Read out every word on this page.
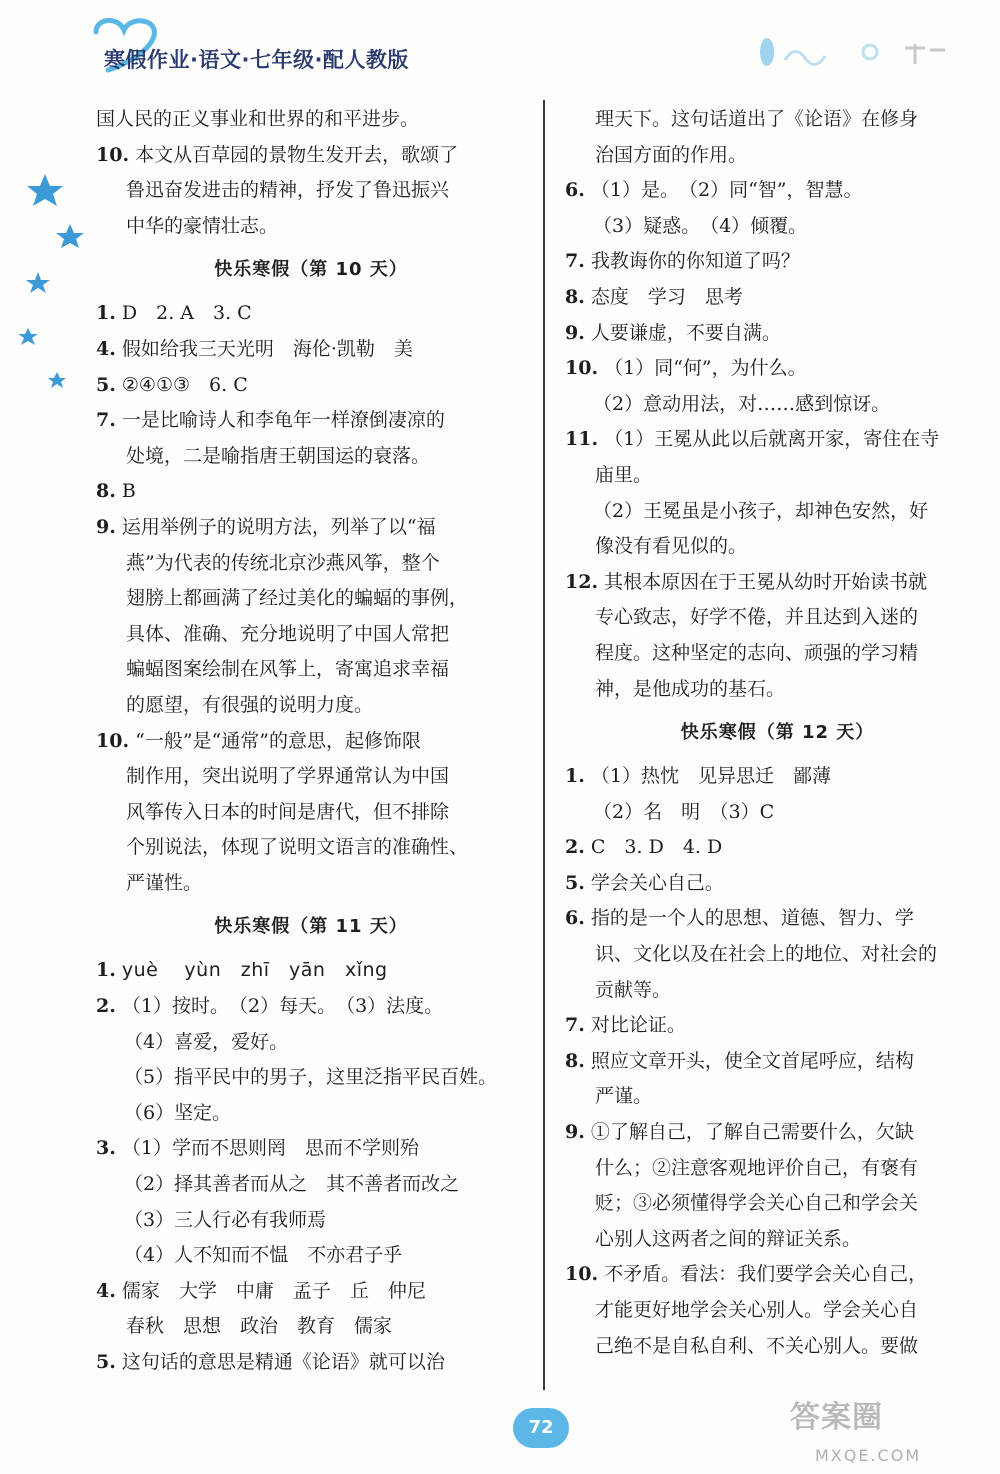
寒假作业·语文·七年级·配人教版
国人民的正义事业和世界的和平进步。
10. 本文从百草园的景物生发开去，歌颂了
鲁迅奋发进击的精神，抒发了鲁迅振兴
中华的豪情壮志。
快乐寒假（第 10 天）
1. D　2. A　3. C
4. 假如给我三天光明　海伦·凯勒　美
5. ②④①③　6. C
7. 一是比喻诗人和李龟年一样潦倒凄凉的
处境，二是喻指唐王朝国运的衰落。
8. B
9. 运用举例子的说明方法，列举了以“福
燕”为代表的传统北京沙燕风筝，整个
翅膀上都画满了经过美化的蝙蝠的事例，
具体、准确、充分地说明了中国人常把
蝙蝠图案绘制在风筝上，寄寓追求幸福
的愿望，有很强的说明力度。
10. “一般”是“通常”的意思，起修饰限
制作用，突出说明了学界通常认为中国
风筝传入日本的时间是唐代，但不排除
个别说法，体现了说明文语言的准确性、
严谨性。
快乐寒假（第 11 天）
1. yuè　 yùn　zhī　yān　xǐng
2. （1）按时。　（2）每天。　（3）法度。
（4）喜爱，爱好。
（5）指平民中的男子，这里泛指平民百姓。
（6）坚定。
3. （1）学而不思则罔　思而不学则殆
（2）择其善者而从之　其不善者而改之
（3）三人行必有我师焉
（4）人不知而不愠　不亦君子乎
4. 儒家　大学　中庸　孟子　丘　仲尼
春秋　思想　政治　教育　儒家
5. 这句话的意思是精通《论语》就可以治
理天下。这句话道出了《论语》在修身
治国方面的作用。
6. （1）是。　（2）同“智”，智慧。
（3）疑惑。　（4）倾覆。
7. 我教诲你的你知道了吗？
8. 态度　学习　思考
9. 人要谦虚，不要自满。
10. （1）同“何”，为什么。
（2）意动用法，对……感到惊讶。
11. （1）王冕从此以后就离开家，寄住在寺
庙里。
（2）王冕虽是小孩子，却神色安然，好
像没有看见似的。
12. 其根本原因在于王冕从幼时开始读书就
专心致志，好学不倦，并且达到入迷的
程度。这种坚定的志向、顽强的学习精
神，是他成功的基石。
快乐寒假（第 12 天）
1. （1）热忱　见异思迁　鄙薄
（2）名　明　（3）C
2. C　3. D　4. D
5. 学会关心自己。
6. 指的是一个人的思想、道德、智力、学
识、文化以及在社会上的地位、对社会的
贡献等。
7. 对比论证。
8. 照应文章开头，使全文首尾呼应，结构
严谨。
9. ①了解自己，了解自己需要什么，欠缺
什么；②注意客观地评价自己，有褒有
贬；③必须懂得学会关心自己和学会关
心别人这两者之间的辩证关系。
10. 不矛盾。看法：我们要学会关心自己，
才能更好地学会关心别人。学会关心自
己绝不是自私自利、不关心别人。要做
72	答案圈
MXQE.COM
